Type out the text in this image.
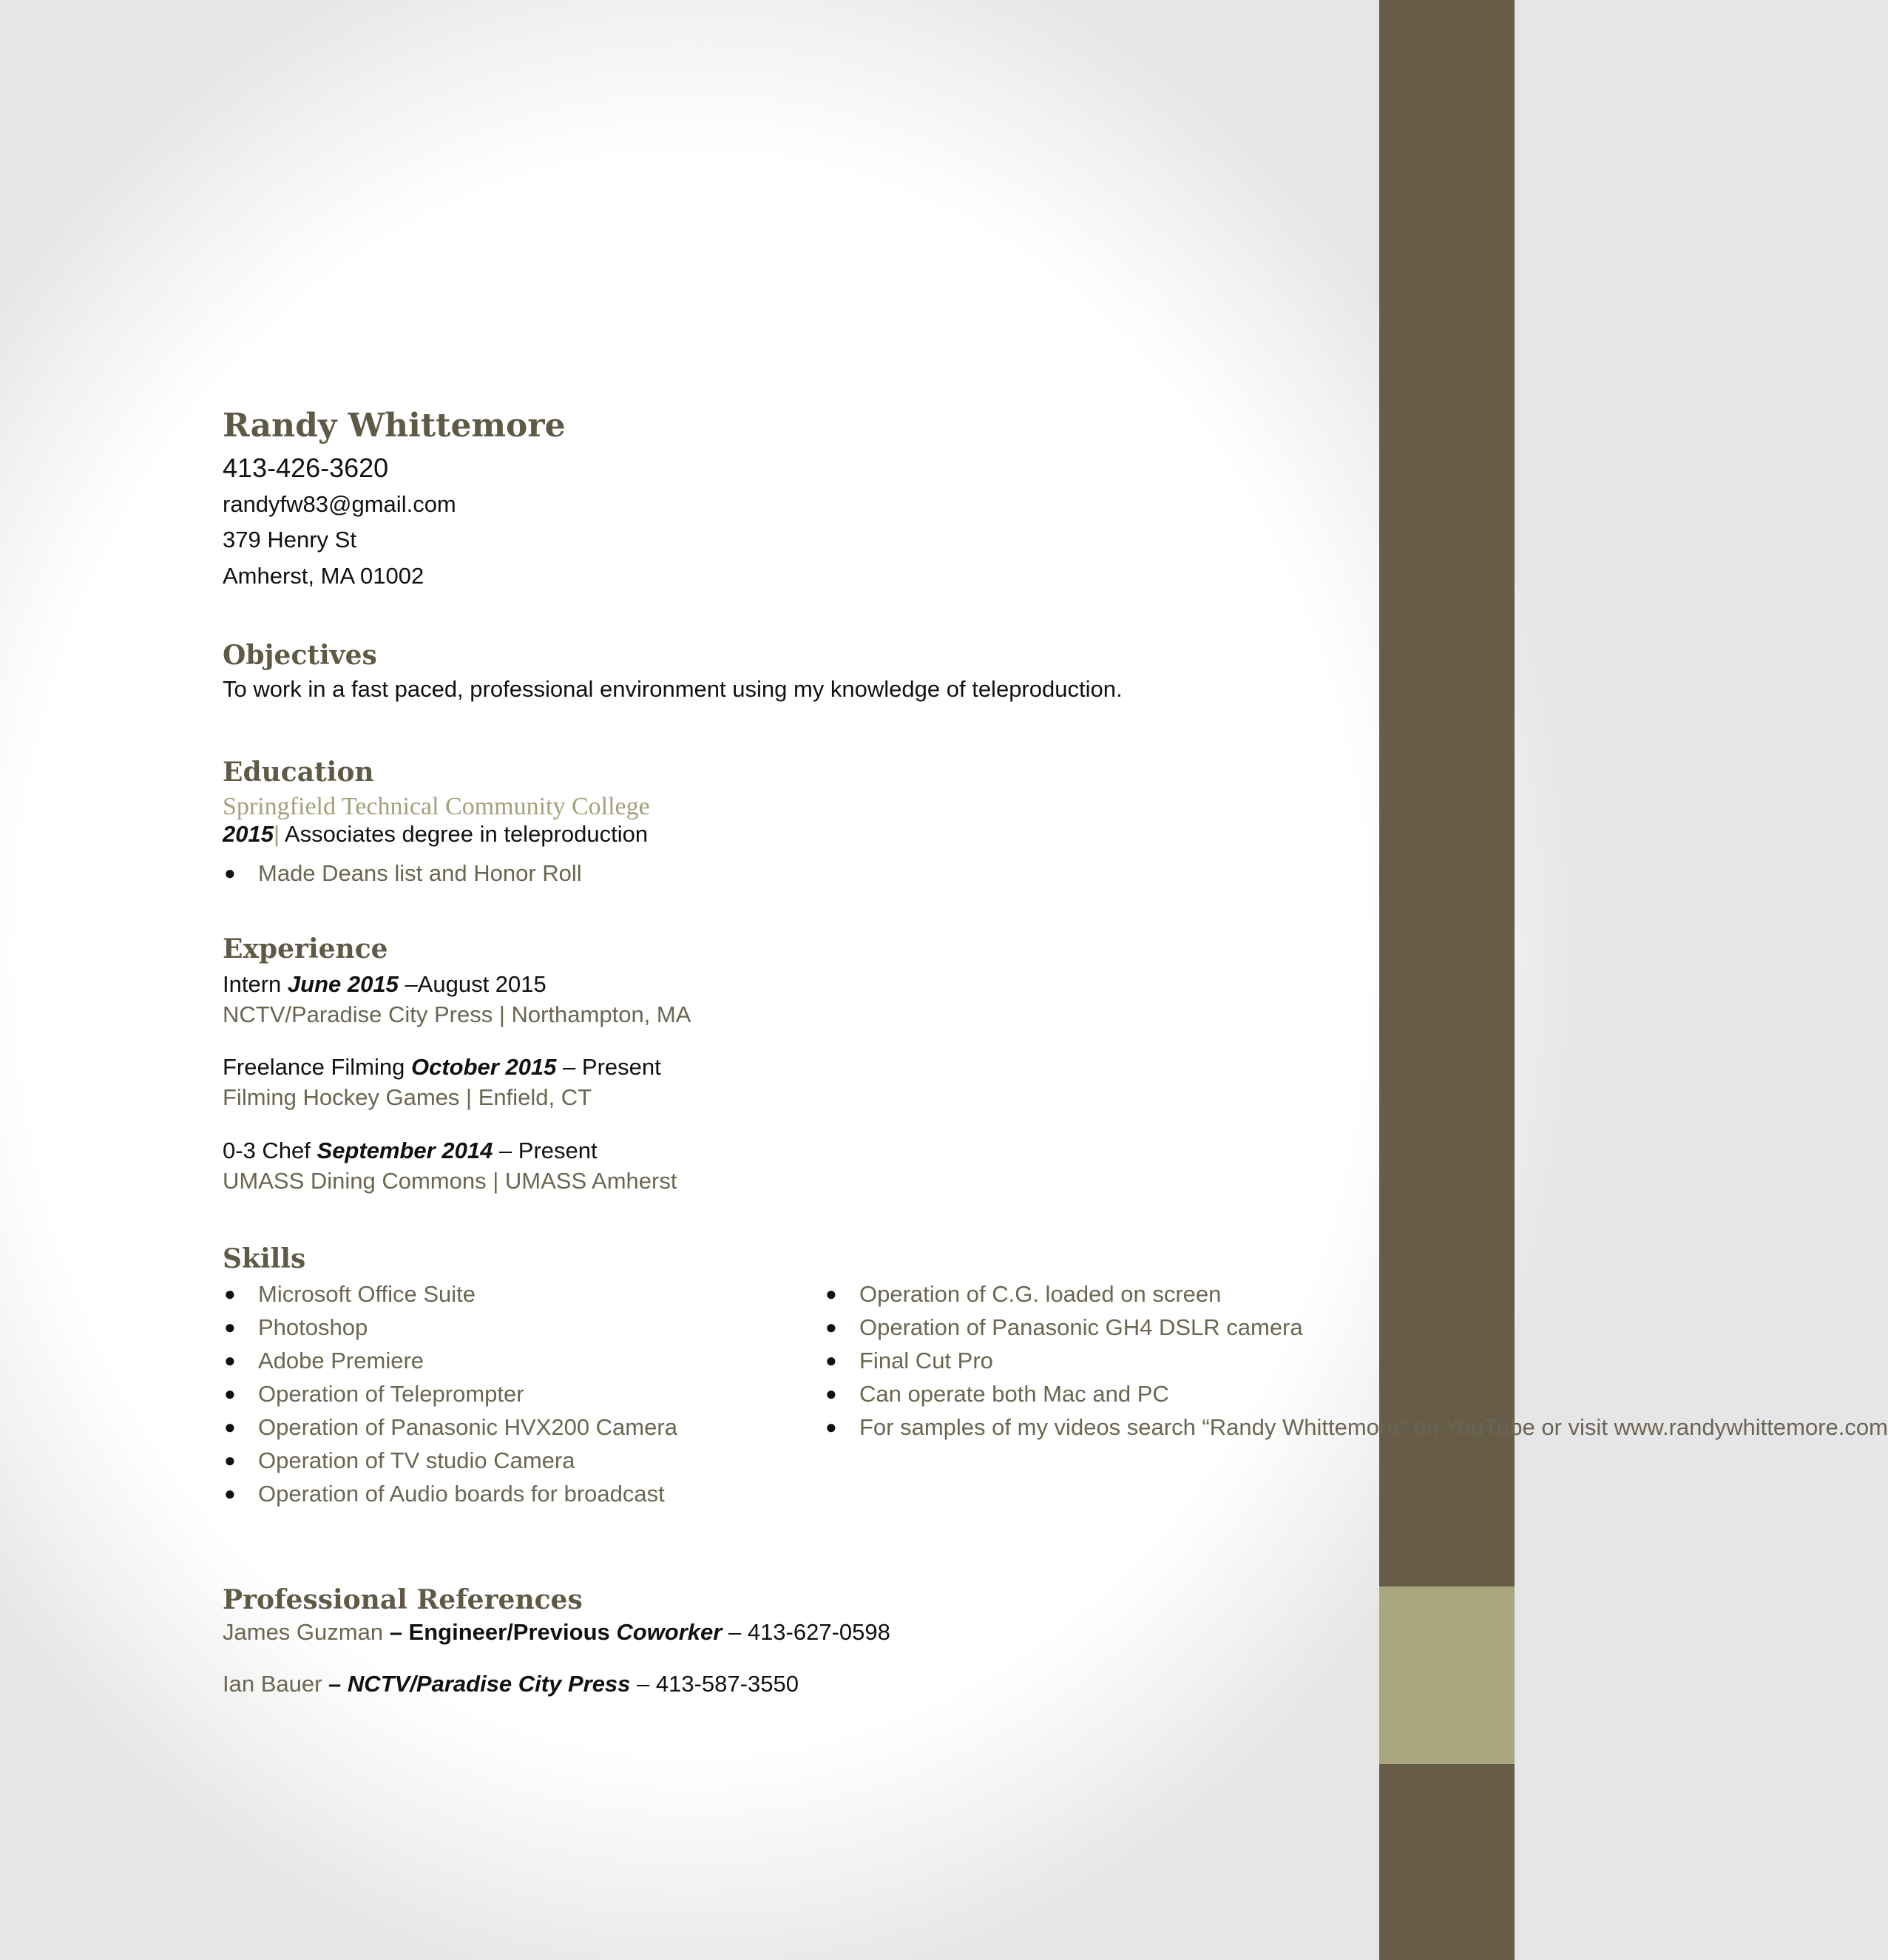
Randy Whittemore
413-426-3620
randyfw83@gmail.com
379 Henry St
Amherst, MA 01002
Objectives
To work in a fast paced, professional environment using my knowledge of teleproduction.
Education
Springfield Technical Community College
2015| Associates degree in teleproduction
● Made Deans list and Honor Roll
Experience
Intern June 2015 –August 2015
NCTV/Paradise City Press | Northampton, MA
Freelance Filming October 2015 – Present
Filming Hockey Games | Enfield, CT
0-3 Chef September 2014 – Present
UMASS Dining Commons | UMASS Amherst
Skills
● Microsoft Office Suite
● Photoshop
● Adobe Premiere
● Operation of Teleprompter
● Operation of Panasonic HVX200 Camera
● Operation of TV studio Camera
● Operation of Audio boards for broadcast
● Operation of C.G. loaded on screen
● Operation of Panasonic GH4 DSLR camera
● Final Cut Pro
● Can operate both Mac and PC
● For samples of my videos search “Randy Whittemore” on YouTube or visit www.randywhittemore.com
Professional References
James Guzman – Engineer/Previous Coworker – 413-627-0598
Ian Bauer – NCTV/Paradise City Press – 413-587-3550
